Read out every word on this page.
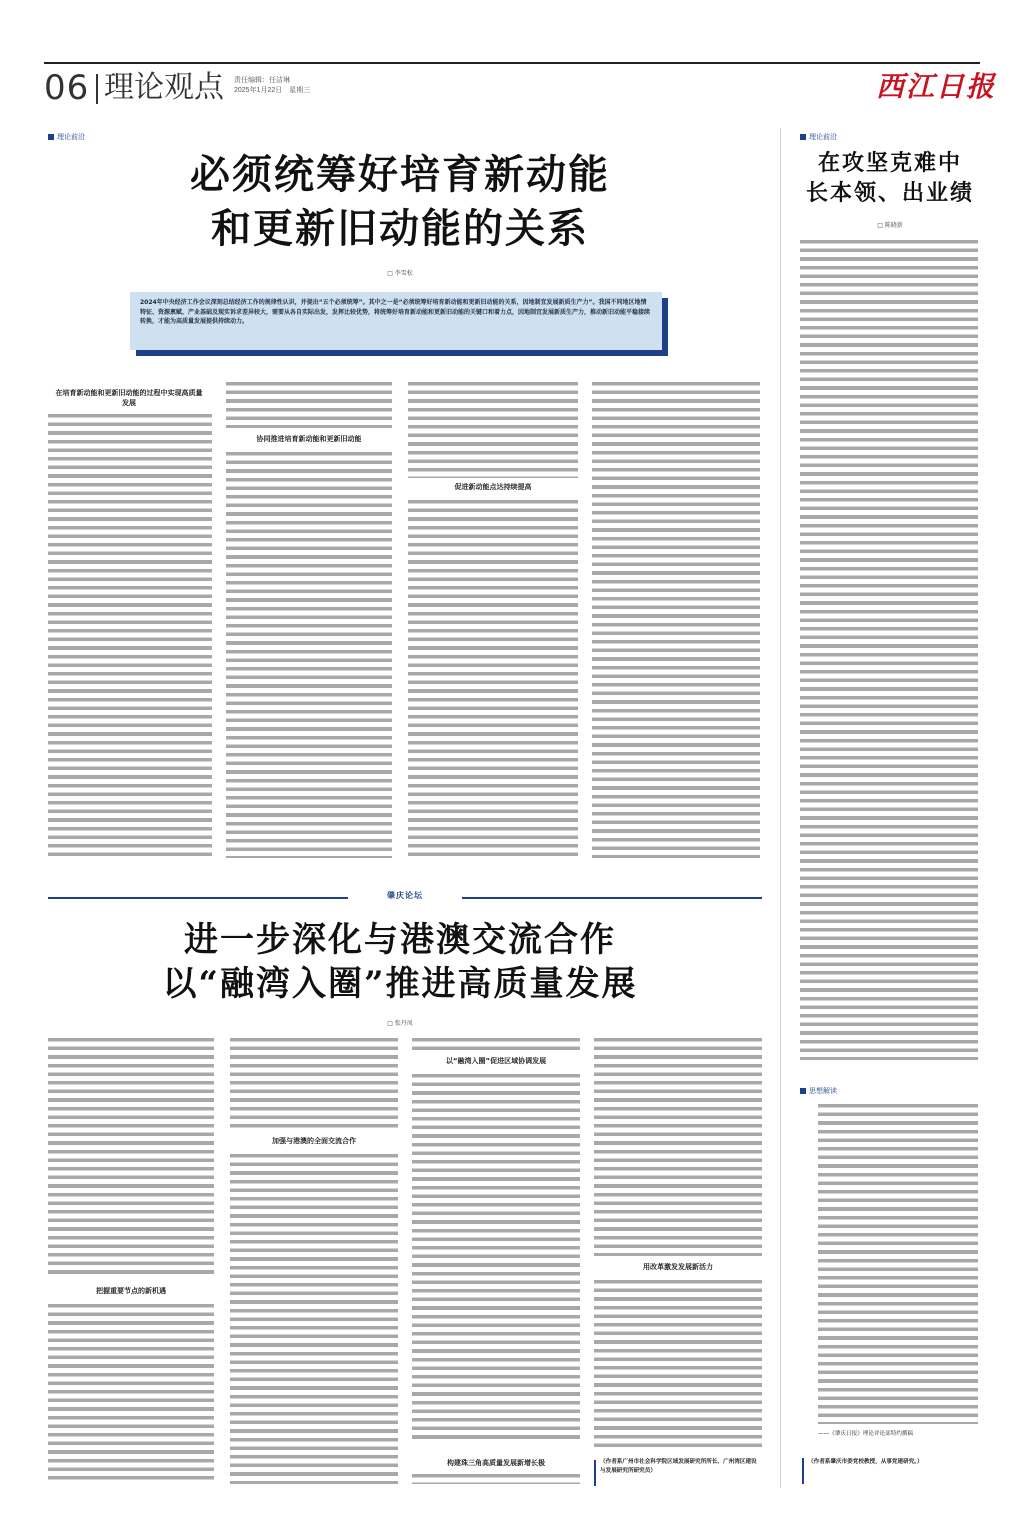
06 理论观点 责任编辑：任洁琳
2025年1月22日　星期三	西江日报
理论前沿
必须统筹好培育新动能
和更新旧动能的关系
□ 李雪松
2024年中央经济工作会议深刻总结经济工作的规律性认识，并提出“五个必须统筹”。其中之一是“必须统筹好培育新动能和更新旧动能的关系，因地制宜发展新质生产力”。我国不同地区地情特征、资源禀赋、产业基础及现实诉求差异较大，需要从各自实际出发，发挥比较优势，将统筹好培育新动能和更新旧动能的关键口和着力点，因地制宜发展新质生产力，推动新旧动能平稳接续转换，才能为高质量发展提供持续动力。
在培育新动能和更新旧动能的过程中实现高质量发展
协同推进培育新动能和更新旧动能
促进新动能点达持续提高
肇庆论坛
进一步深化与港澳交流合作
以“融湾入圈”推进高质量发展
□ 张丹凤
把握重要节点的新机遇
加强与港澳的全面交流合作
以“融湾入圈”促进区域协调发展
构建珠三角高质量发展新增长极
用改革激发发展新活力
（作者系广州市社会科学院区域发展研究所所长、广州湾区建设与发展研究所研究员）
理论前沿
在攻坚克难中
长本领、出业绩
□ 陈晓新
思想解读
——《肇庆日报》理论评论部特约撰稿
（作者系肇庆市委党校教授，从事党建研究。）
